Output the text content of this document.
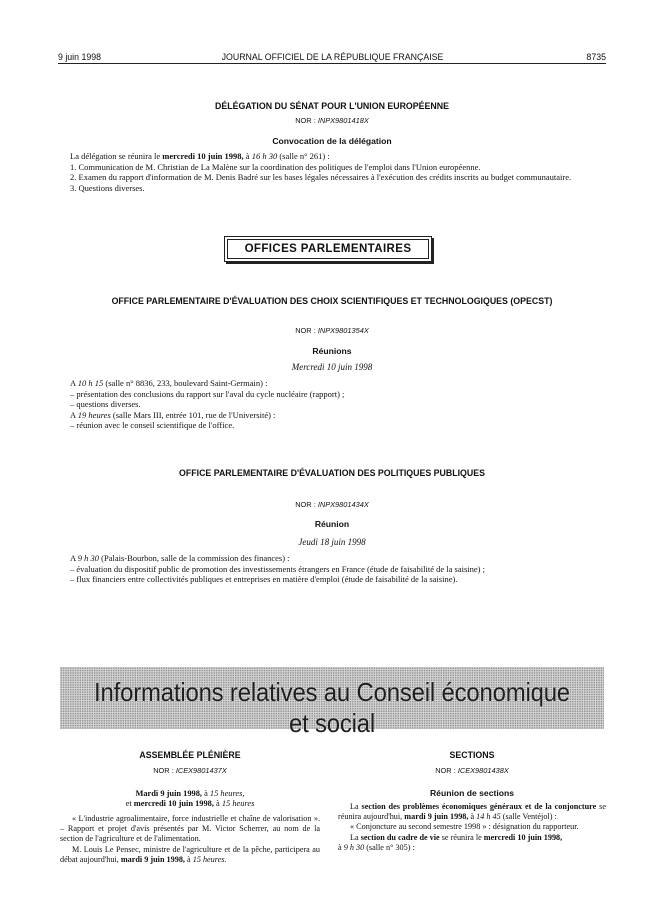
9 juin 1998	JOURNAL OFFICIEL DE LA RÉPUBLIQUE FRANÇAISE	8735
DÉLÉGATION DU SÉNAT POUR L'UNION EUROPÉENNE
NOR : INPX9801418X
Convocation de la délégation

La délégation se réunira le mercredi 10 juin 1998, à 16 h 30 (salle n° 261) :

1. Communication de M. Christian de La Malène sur la coordination des politiques de l'emploi dans l'Union européenne.

2. Examen du rapport d'information de M. Denis Badré sur les bases légales nécessaires à l'exécution des crédits inscrits au budget communautaire.

3. Questions diverses.

OFFICES PARLEMENTAIRES
OFFICE PARLEMENTAIRE D'ÉVALUATION DES CHOIX SCIENTIFIQUES ET TECHNOLOGIQUES (OPECST)
NOR : INPX9801354X
Réunions
Mercredi 10 juin 1998

A 10 h 15 (salle n° 8836, 233, boulevard Saint-Germain) :

– présentation des conclusions du rapport sur l'aval du cycle nucléaire (rapport) ;

– questions diverses.

A 19 heures (salle Mars III, entrée 101, rue de l'Université) :

– réunion avec le conseil scientifique de l'office.

OFFICE PARLEMENTAIRE D'ÉVALUATION DES POLITIQUES PUBLIQUES
NOR : INPX9801434X
Réunion
Jeudi 18 juin 1998

A 9 h 30 (Palais-Bourbon, salle de la commission des finances) :

– évaluation du dispositif public de promotion des investissements étrangers en France (étude de faisabilité de la saisine) ;

– flux financiers entre collectivités publiques et entreprises en matière d'emploi (étude de faisabilité de la saisine).

Informations relatives au Conseil économique et social
ASSEMBLÉE PLÉNIÈRE
NOR : ICEX9801437X
Mardi 9 juin 1998, à 15 heures,
et mercredi 10 juin 1998, à 15 heures

« L'industrie agroalimentaire, force industrielle et chaîne de valorisation ». – Rapport et projet d'avis présentés par M. Victor Scherrer, au nom de la section de l'agriculture et de l'alimentation.

M. Louis Le Pensec, ministre de l'agriculture et de la pêche, participera au débat aujourd'hui, mardi 9 juin 1998, à 15 heures.

SECTIONS
NOR : ICEX9801438X
Réunion de sections

La section des problèmes économiques généraux et de la conjoncture se réunira aujourd'hui, mardi 9 juin 1998, à 14 h 45 (salle Ventéjol) :

« Conjoncture au second semestre 1998 » : désignation du rapporteur.

La section du cadre de vie se réunira le mercredi 10 juin 1998,
à 9 h 30 (salle n° 305) :
